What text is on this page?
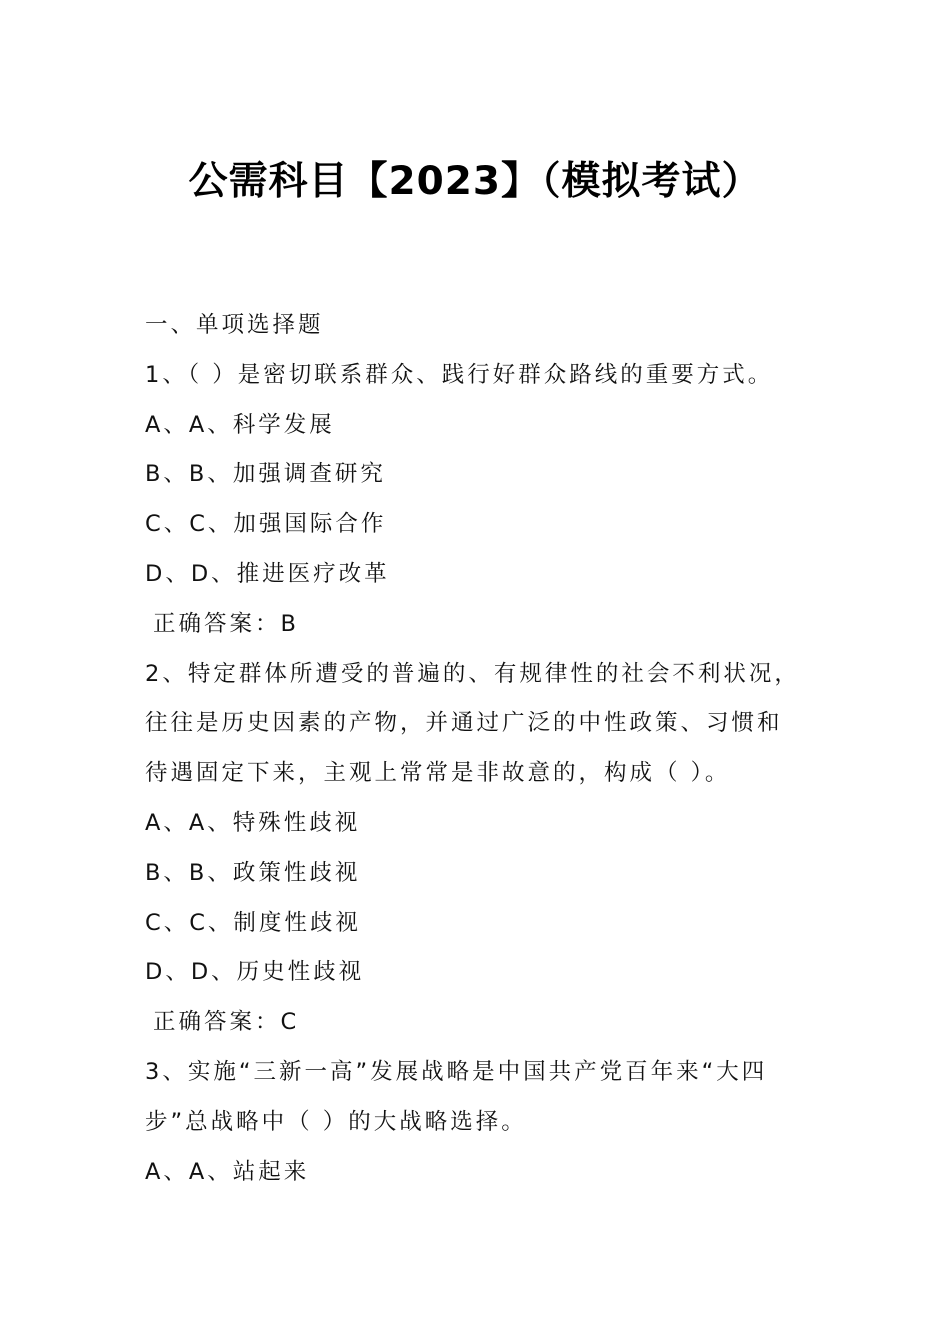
公需科目【2023】（模拟考试）
一、单项选择题
1、（ ）是密切联系群众、践行好群众路线的重要方式。
A、A、科学发展
B、B、加强调查研究
C、C、加强国际合作
D、D、推进医疗改革
正确答案：B
2、特定群体所遭受的普遍的、有规律性的社会不利状况，
往往是历史因素的产物，并通过广泛的中性政策、习惯和
待遇固定下来，主观上常常是非故意的，构成（ ）。
A、A、特殊性歧视
B、B、政策性歧视
C、C、制度性歧视
D、D、历史性歧视
正确答案：C
3、实施“三新一高”发展战略是中国共产党百年来“大四
步”总战略中（ ）的大战略选择。
A、A、站起来
